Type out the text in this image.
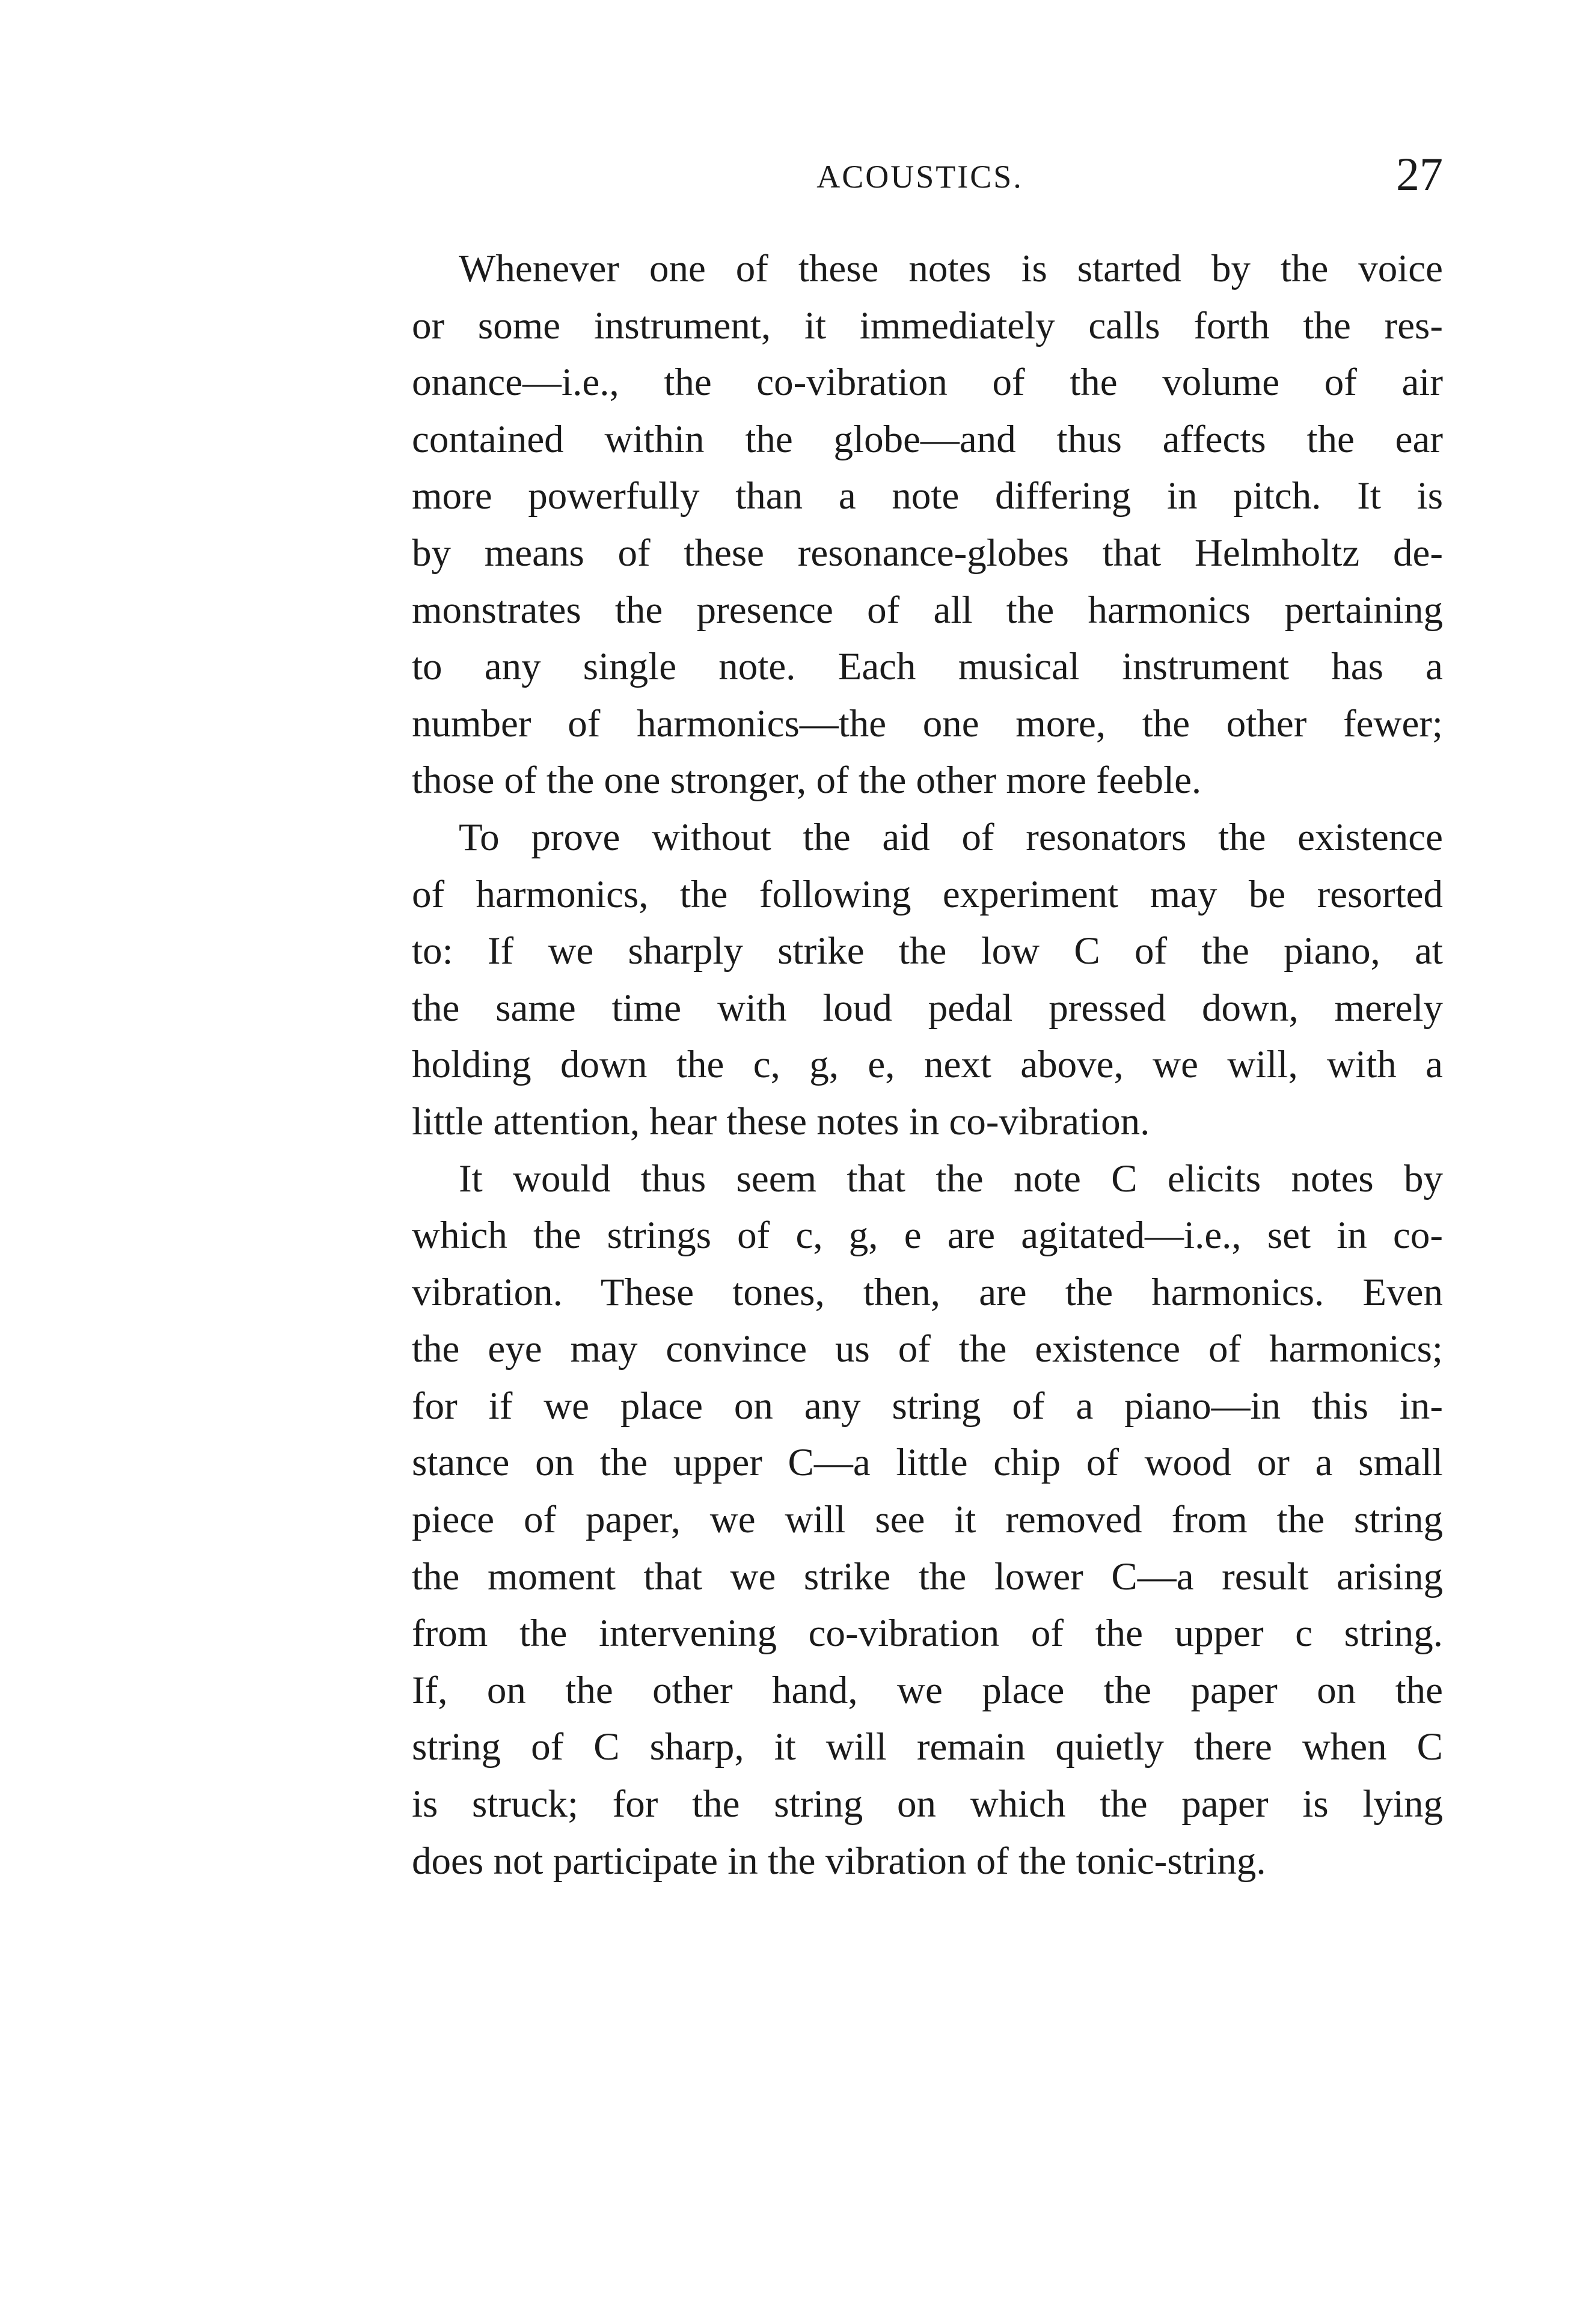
ACOUSTICS.	27
Whenever one of these notes is started by the voice
or some instrument, it immediately calls forth the res-
onance—i.e., the co-vibration of the volume of air
contained within the globe—and thus affects the ear
more powerfully than a note differing in pitch. It is
by means of these resonance-globes that Helmholtz de-
monstrates the presence of all the harmonics pertaining
to any single note. Each musical instrument has a
number of harmonics—the one more, the other fewer;
those of the one stronger, of the other more feeble.
To prove without the aid of resonators the existence
of harmonics, the following experiment may be resorted
to: If we sharply strike the low C of the piano, at
the same time with loud pedal pressed down, merely
holding down the c, g, e, next above, we will, with a
little attention, hear these notes in co-vibration.
It would thus seem that the note C elicits notes by
which the strings of c, g, e are agitated—i.e., set in co-
vibration. These tones, then, are the harmonics. Even
the eye may convince us of the existence of harmonics;
for if we place on any string of a piano—in this in-
stance on the upper C—a little chip of wood or a small
piece of paper, we will see it removed from the string
the moment that we strike the lower C—a result arising
from the intervening co-vibration of the upper c string.
If, on the other hand, we place the paper on the
string of C sharp, it will remain quietly there when C
is struck; for the string on which the paper is lying
does not participate in the vibration of the tonic-string.
